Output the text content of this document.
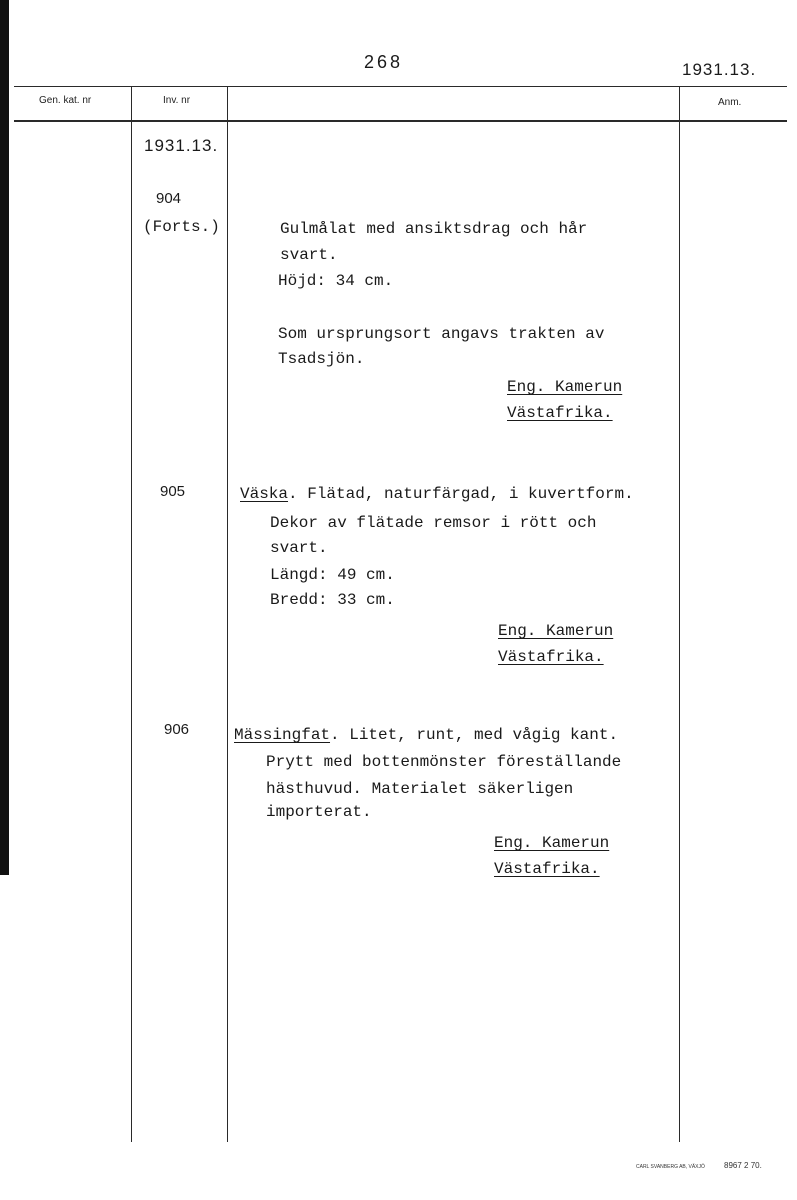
268	1931.13.
Gen. kat. nr	Inv. nr	Anm.
1931.13.
904
(Forts.)	Gulmålat med ansiktsdrag och hår
svart.
Höjd: 34 cm.
Som ursprungsort angavs trakten av
Tsadsjön.
Eng. Kamerun
Västafrika.
905	Väska. Flätad, naturfärgad, i kuvertform.
Dekor av flätade remsor i rött och
svart.
Längd: 49 cm.
Bredd: 33 cm.
Eng. Kamerun
Västafrika.
906	Mässingfat. Litet, runt, med vågig kant.
Prytt med bottenmönster föreställande
hästhuvud. Materialet säkerligen
importerat.
Eng. Kamerun
Västafrika.
CARL SVANBERG AB, VÄXJÖ 8967 2 70.
